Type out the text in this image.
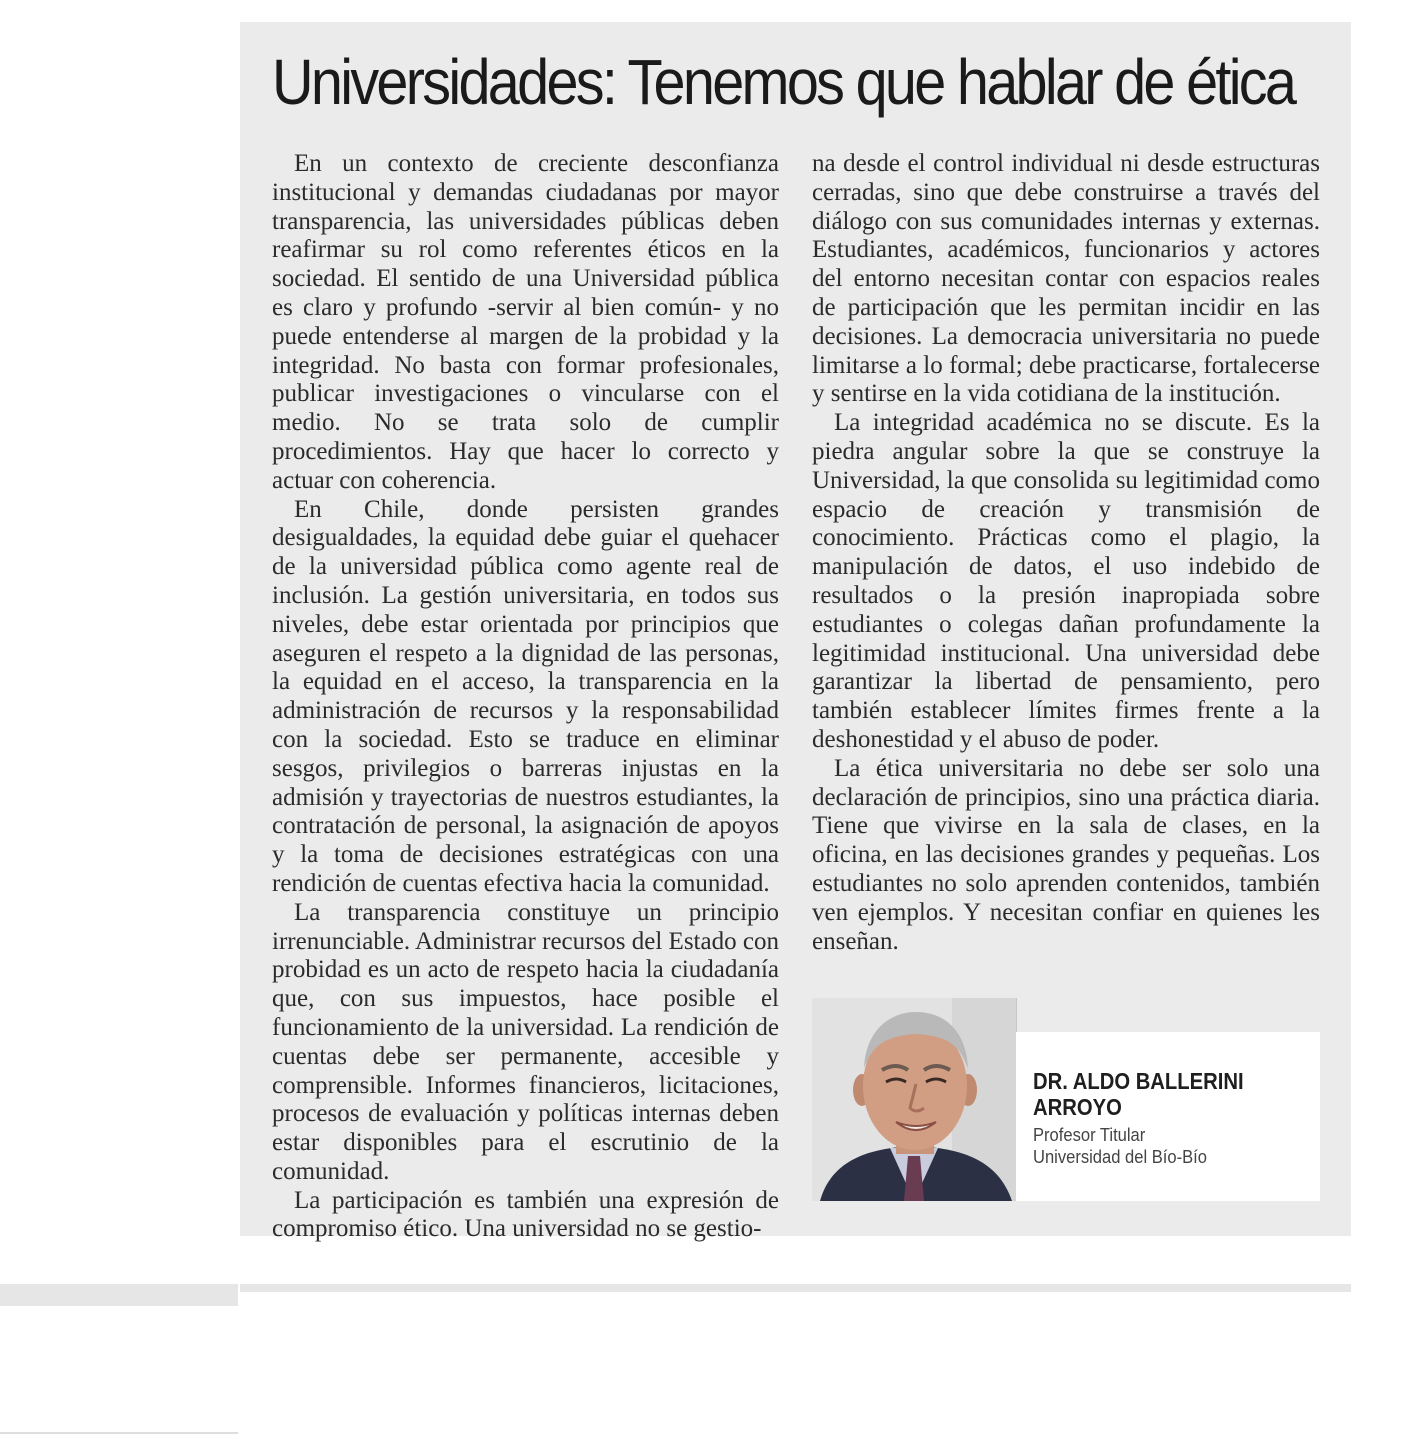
Universidades: Tenemos que hablar de ética

En un contexto de creciente desconfianza institucional y demandas ciudadanas por mayor transparencia, las universidades públicas deben reafirmar su rol como referentes éticos en la sociedad. El sentido de una Universidad pública es claro y profundo -servir al bien común- y no puede entenderse al margen de la probidad y la integridad. No basta con formar profesionales, publicar investigaciones o vincularse con el medio. No se trata solo de cumplir procedimientos. Hay que hacer lo correcto y actuar con coherencia.

En Chile, donde persisten grandes desigualdades, la equidad debe guiar el quehacer de la universidad pública como agente real de inclusión. La gestión universitaria, en todos sus niveles, debe estar orientada por principios que aseguren el respeto a la dignidad de las personas, la equidad en el acceso, la transparencia en la administración de recursos y la responsabilidad con la sociedad. Esto se traduce en eliminar sesgos, privilegios o barreras injustas en la admisión y trayectorias de nuestros estudiantes, la contratación de personal, la asignación de apoyos y la toma de decisiones estratégicas con una rendición de cuentas efectiva hacia la comunidad.

La transparencia constituye un principio irrenunciable. Administrar recursos del Estado con probidad es un acto de respeto hacia la ciudadanía que, con sus impuestos, hace posible el funcionamiento de la universidad. La rendición de cuentas debe ser permanente, accesible y comprensible. Informes financieros, licitaciones, procesos de evaluación y políticas internas deben estar disponibles para el escrutinio de la comunidad.

La participación es también una expresión de compromiso ético. Una universidad no se gestio-

na desde el control individual ni desde estructuras cerradas, sino que debe construirse a través del diálogo con sus comunidades internas y externas. Estudiantes, académicos, funcionarios y actores del entorno necesitan contar con espacios reales de participación que les permitan incidir en las decisiones. La democracia universitaria no puede limitarse a lo formal; debe practicarse, fortalecerse y sentirse en la vida cotidiana de la institución.

La integridad académica no se discute. Es la piedra angular sobre la que se construye la Universidad, la que consolida su legitimidad como espacio de creación y transmisión de conocimiento. Prácticas como el plagio, la manipulación de datos, el uso indebido de resultados o la presión inapropiada sobre estudiantes o colegas dañan profundamente la legitimidad institucional. Una universidad debe garantizar la libertad de pensamiento, pero también establecer límites firmes frente a la deshonestidad y el abuso de poder.

La ética universitaria no debe ser solo una declaración de principios, sino una práctica diaria. Tiene que vivirse en la sala de clases, en la oficina, en las decisiones grandes y pequeñas. Los estudiantes no solo aprenden contenidos, también ven ejemplos. Y necesitan confiar en quienes les enseñan.

DR. ALDO BALLERINI ARROYO
Profesor Titular
Universidad del Bío-Bío
